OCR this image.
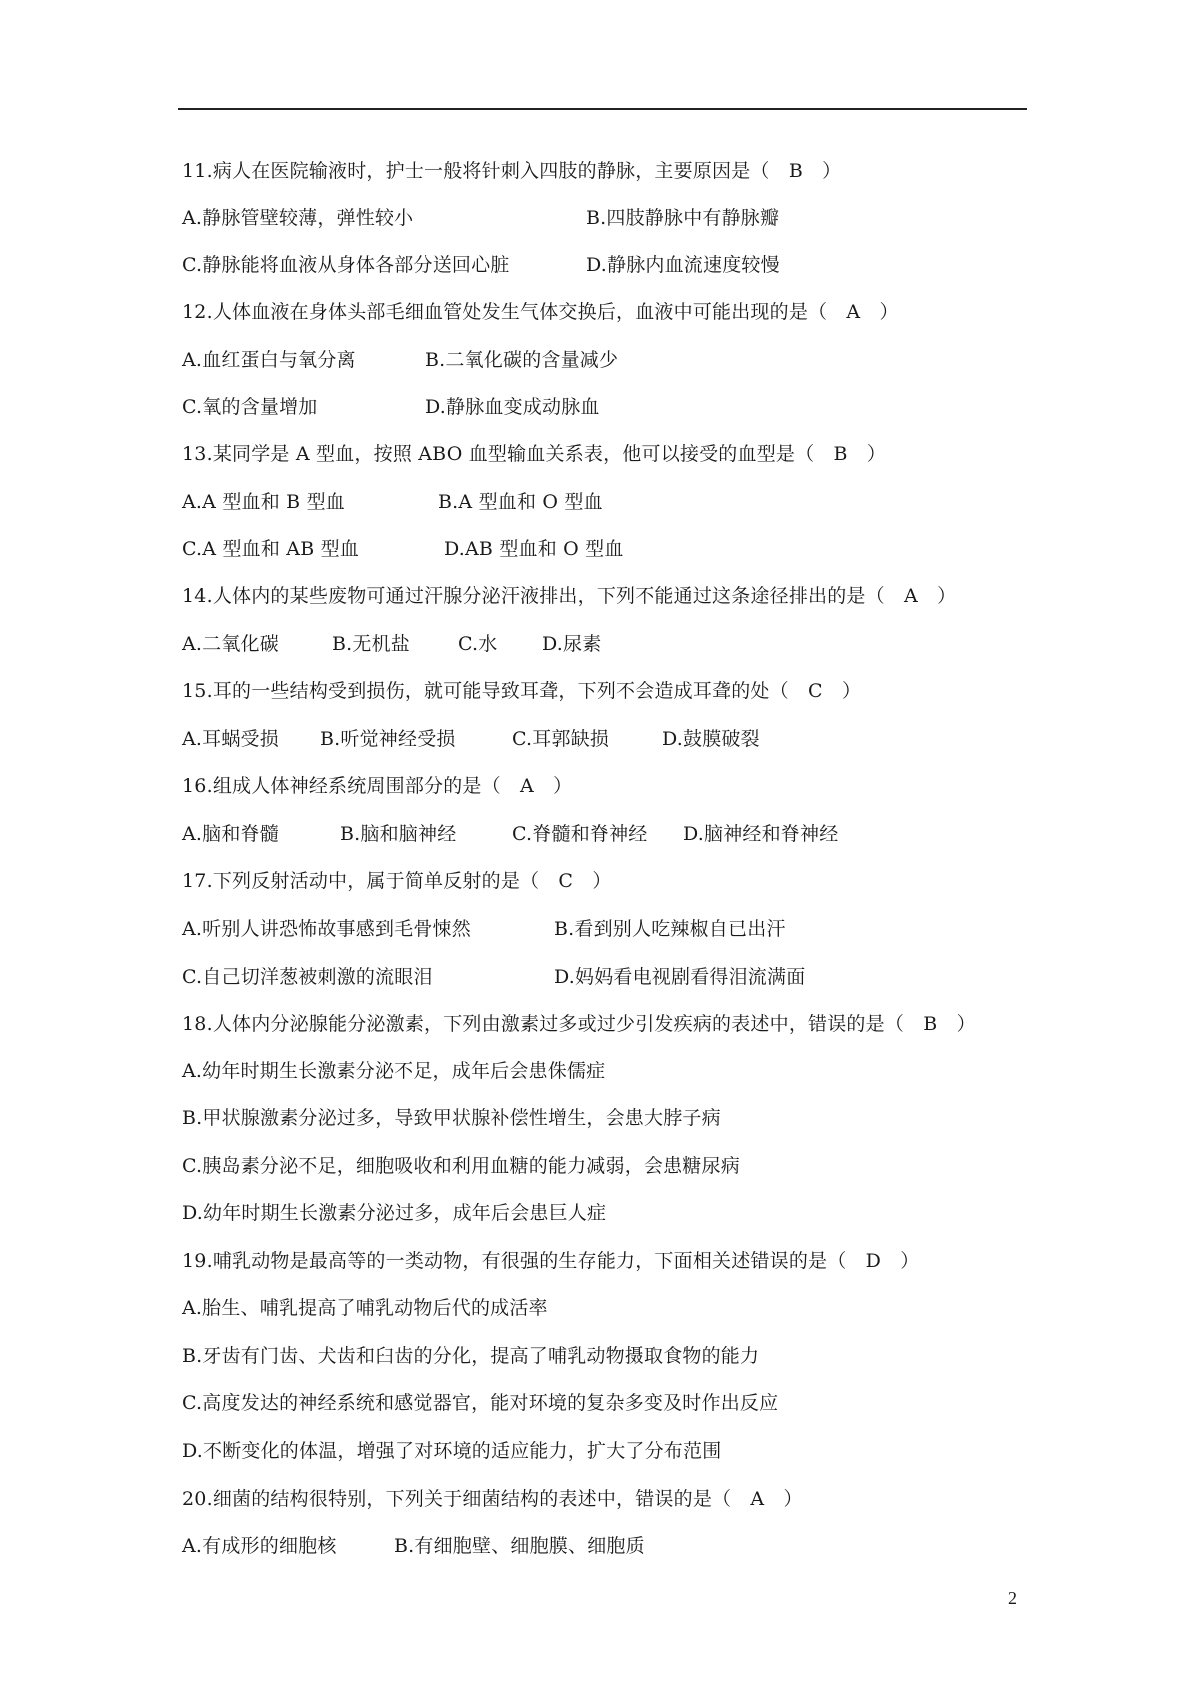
11.病人在医院输液时，护士一般将针刺入四肢的静脉，主要原因是（　B　）

A.静脉管壁较薄，弹性较小

	B.四肢静脉中有静脉瓣

C.静脉能将血液从身体各部分送回心脏

	D.静脉内血流速度较慢

12.人体血液在身体头部毛细血管处发生气体交换后，血液中可能出现的是（　A　）

A.血红蛋白与氧分离

	B.二氧化碳的含量减少

C.氧的含量增加

	D.静脉血变成动脉血

13.某同学是 A 型血，按照 ABO 血型输血关系表，他可以接受的血型是（　B　）

A.A 型血和 B 型血

	B.A 型血和 O 型血

C.A 型血和 AB 型血

	D.AB 型血和 O 型血

14.人体内的某些废物可通过汗腺分泌汗液排出，下列不能通过这条途径排出的是（　A　）

A.二氧化碳

	B.无机盐

	C.水

D.尿素

15.耳的一些结构受到损伤，就可能导致耳聋，下列不会造成耳聋的处（　C　）

A.耳蜗受损

B.听觉神经受损

	C.耳郭缺损

	D.鼓膜破裂

16.组成人体神经系统周围部分的是（　A　）

A.脑和脊髓

	B.脑和脑神经

	C.脊髓和脊神经

D.脑神经和脊神经

17.下列反射活动中，属于简单反射的是（　C　）

A.听别人讲恐怖故事感到毛骨悚然

	B.看到别人吃辣椒自已出汗

C.自己切洋葱被刺激的流眼泪

	D.妈妈看电视剧看得泪流满面

18.人体内分泌腺能分泌激素，下列由激素过多或过少引发疾病的表述中，错误的是（　B　）
A.幼年时期生长激素分泌不足，成年后会患侏儒症
B.甲状腺激素分泌过多，导致甲状腺补偿性增生，会患大脖子病
C.胰岛素分泌不足，细胞吸收和利用血糖的能力减弱，会患糖尿病
D.幼年时期生长激素分泌过多，成年后会患巨人症
19.哺乳动物是最高等的一类动物，有很强的生存能力，下面相关述错误的是（　D　）
A.胎生、哺乳提高了哺乳动物后代的成活率
B.牙齿有门齿、犬齿和臼齿的分化，提高了哺乳动物摄取食物的能力
C.高度发达的神经系统和感觉器官，能对环境的复杂多变及时作出反应
D.不断变化的体温，增强了对环境的适应能力，扩大了分布范围
20.细菌的结构很特别，下列关于细菌结构的表述中，错误的是（　A　）

A.有成形的细胞核

	B.有细胞壁、细胞膜、细胞质

2
